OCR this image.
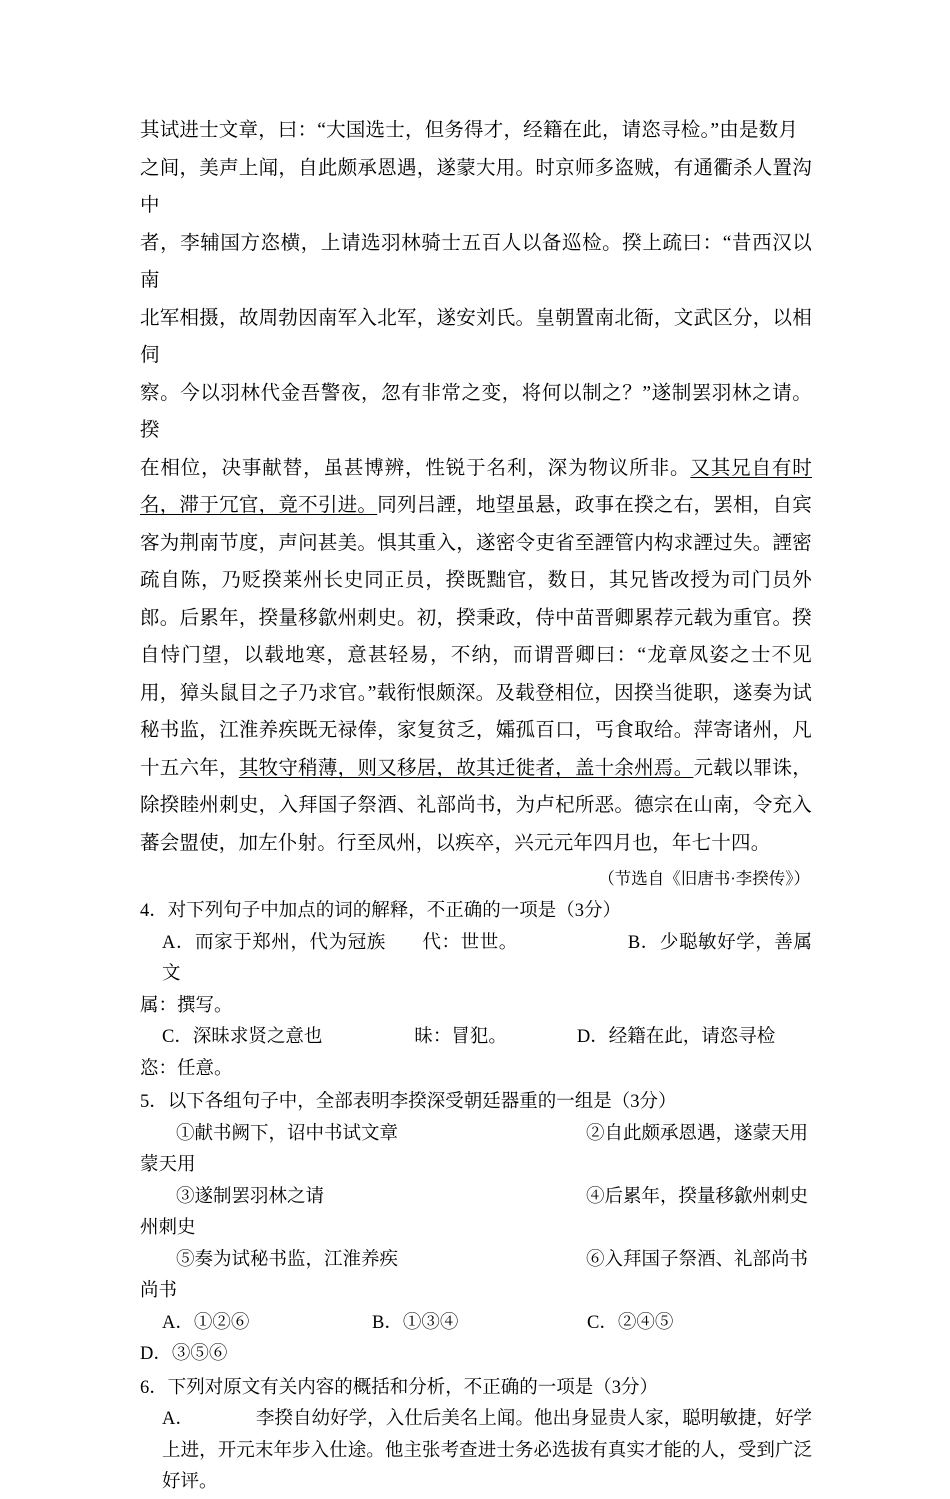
其试进士文章，曰：“大国选士，但务得才，经籍在此，请恣寻检。”由是数月

之间，美声上闻，自此颇承恩遇，遂蒙大用。时京师多盗贼，有通衢杀人置沟中

者，李辅国方恣横，上请选羽林骑士五百人以备巡检。揆上疏曰：“昔西汉以南

北军相摄，故周勃因南军入北军，遂安刘氏。皇朝置南北衙，文武区分，以相伺

察。今以羽林代金吾警夜，忽有非常之变，将何以制之？”遂制罢羽林之请。揆

在相位，决事献替，虽甚博辨，性锐于名利，深为物议所非。又其兄自有时名，滞于冗官，竟不引进。同列吕諲，地望虽悬，政事在揆之右，罢相，自宾客为荆南节度，声问甚美。惧其重入，遂密令吏省至諲管内构求諲过失。諲密疏自陈，乃贬揆莱州长史同正员，揆既黜官，数日，其兄皆改授为司门员外郎。后累年，揆量移歙州刺史。初，揆秉政，侍中苗晋卿累荐元载为重官。揆自恃门望，以载地寒，意甚轻易，不纳，而谓晋卿曰：“龙章凤姿之士不见用，獐头鼠目之子乃求官。”载衔恨颇深。及载登相位，因揆当徙职，遂奏为试秘书监，江淮养疾既无禄俸，家复贫乏，孀孤百口，丐食取给。萍寄诸州，凡十五六年，其牧守稍薄，则又移居，故其迁徙者，盖十余州焉。元载以罪诛，除揆睦州刺史，入拜国子祭酒、礼部尚书，为卢杞所恶。德宗在山南，令充入蕃会盟使，加左仆射。行至凤州，以疾卒，兴元元年四月也，年七十四。

（节选自《旧唐书·李揆传》）

4．对下列句子中加点的词的解释，不正确的一项是（3分）

A．而家于郑州，代为冠族 代：世世。	B．少聪敏好学，善属文

属：撰写。

C．深昧求贤之意也	昧：冒犯。	D．经籍在此，请恣寻检

恣：任意。

5．以下各组句子中，全部表明李揆深受朝廷器重的一组是（3分）

①献书阙下，诏中书试文章	②自此颇承恩遇，遂蒙天用

蒙天用

③遂制罢羽林之请	④后累年，揆量移歙州刺史

州刺史

⑤奏为试秘书监，江淮养疾	⑥入拜国子祭酒、礼部尚书

尚书

A．①②⑥	B．①③④	C．②④⑤

D．③⑤⑥

6．下列对原文有关内容的概括和分析，不正确的一项是（3分）

A．	李揆自幼好学，入仕后美名上闻。他出身显贵人家，聪明敏捷，好学上进，开元末年步入仕途。他主张考查进士务必选拔有真实才能的人，受到广泛好评。
